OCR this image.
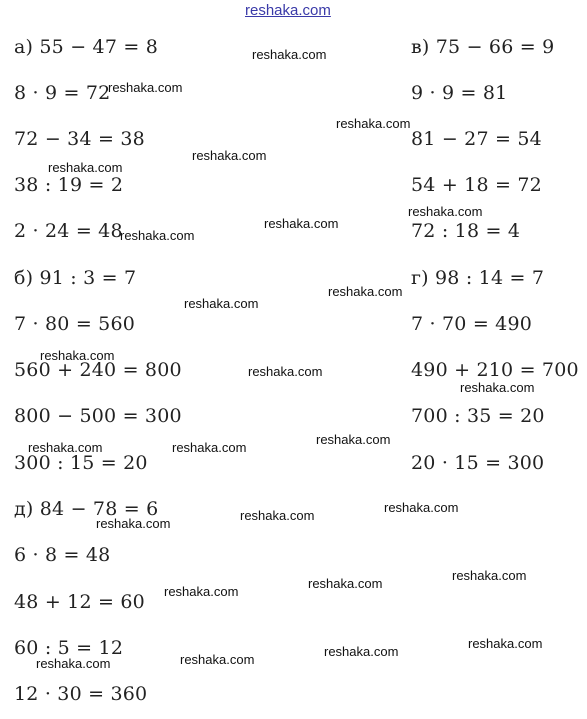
reshaka.com
а) 55 − 47 = 8
8 · 9 = 72
72 − 34 = 38
38 : 19 = 2
2 · 24 = 48
в) 75 − 66 = 9
9 · 9 = 81
81 − 27 = 54
54 + 18 = 72
72 : 18 = 4
б) 91 : 3 = 7
7 · 80 = 560
560 + 240 = 800
800 − 500 = 300
300 : 15 = 20
г) 98 : 14 = 7
7 · 70 = 490
490 + 210 = 700
700 : 35 = 20
20 · 15 = 300
д) 84 − 78 = 6
6 · 8 = 48
48 + 12 = 60
60 : 5 = 12
12 · 30 = 360
reshaka.com
reshaka.com
reshaka.com
reshaka.com
reshaka.com
reshaka.com
reshaka.com
reshaka.com
reshaka.com
reshaka.com
reshaka.com
reshaka.com
reshaka.com
reshaka.com
reshaka.com
reshaka.com
reshaka.com
reshaka.com
reshaka.com
reshaka.com
reshaka.com
reshaka.com
reshaka.com
reshaka.com
reshaka.com
reshaka.com
